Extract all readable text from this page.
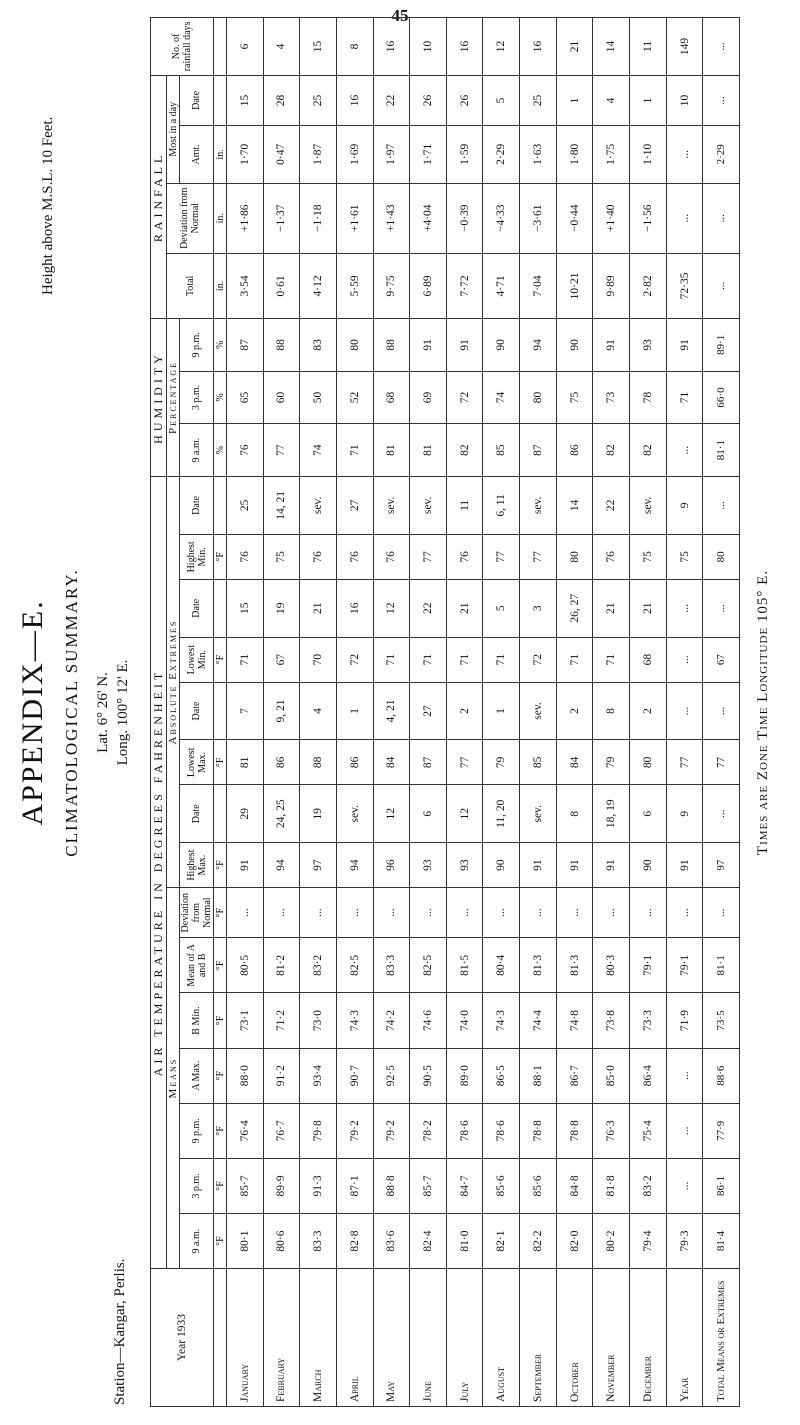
45
APPENDIX—E. CLIMATOLOGICAL SUMMARY. Lat. 6° 26' N. Long. 100° 12' E.
Station—Kangar, Perlis.
Height above M.S.L. 10 Feet.
Year 1933	AIR TEMPERATURE IN DEGREES FAHRENHEIT															HUMIDITY			RAINFALL				No. of rainfall days
	Means							Absolute Extremes								Percentage			Total	Deviation from Normal	Most in a day		
	9 a.m.	3 p.m.	9 p.m.	A Max.	B Min.	Mean of A and B	Deviation from Normal	Highest Max.	Date	Lowest Max.	Date	Lowest Min.	Date	Highest Min.	Date	9 a.m.	3 p.m.	9 p.m.			Amt.	Date	
	°F	°F	°F	°F	°F	°F	°F	°F		°F		°F		°F		%	%	%	in.	in.	in.		
January	80·1	85·7	76·4	88·0	73·1	80·5	...	91	29	81	7	71	15	76	25	76	65	87	3·54	+1·86	1·70	15	6
February	80·6	89·9	76·7	91·2	71·2	81·2	...	94	24, 25	86	9, 21	67	19	75	14, 21	77	60	88	0·61	−1·37	0·47	28	4
March	83·3	91·3	79·8	93·4	73·0	83·2	...	97	19	88	4	70	21	76	sev.	74	50	83	4·12	−1·18	1·87	25	15
April	82·8	87·1	79·2	90·7	74·3	82·5	...	94	sev.	86	1	72	16	76	27	71	52	80	5·59	+1·61	1·69	16	8
May	83·6	88·8	79·2	92·5	74·2	83·3	...	96	12	84	4, 21	71	12	76	sev.	81	68	88	9·75	+1·43	1·97	22	16
June	82·4	85·7	78·2	90·5	74·6	82·5	...	93	6	87	27	71	22	77	sev.	81	69	91	6·89	+4·04	1·71	26	10
July	81·0	84·7	78·6	89·0	74·0	81·5	...	93	12	77	2	71	21	76	11	82	72	91	7·72	−0·39	1·59	26	16
August	82·1	85·6	78·6	86·5	74·3	80·4	...	90	11, 20	79	1	71	5	77	6, 11	85	74	90	4·71	−4·33	2·29	5	12
September	82·2	85·6	78·8	88·1	74·4	81·3	...	91	sev.	85	sev.	72	3	77	sev.	87	80	94	7·04	−3·61	1·63	25	16
October	82·0	84·8	78·8	86·7	74·8	81·3	...	91	8	84	2	71	26, 27	80	14	86	75	90	10·21	−0·44	1·80	1	21
November	80·2	81·8	76·3	85·0	73·8	80·3	...	91	18, 19	79	8	71	21	76	22	82	73	91	9·89	+1·40	1·75	4	14
December	79·4	83·2	75·4	86·4	73·3	79·1	...	90	6	80	2	68	21	75	sev.	82	78	93	2·82	−1·56	1·10	1	11
Year	79·3	...	...	...	71·9	79·1	...	91	9	77	...	...	...	75	9	...	71	91	72·35	...	...	10	149
Total Means or Extremes	81·4	86·1	77·9	88·6	73·5	81·1	...	97	...	77	...	67	...	80	...	81·1	66·0	89·1	...	...	2·29	...	...
Times are Zone Time Longitude 105° E.
